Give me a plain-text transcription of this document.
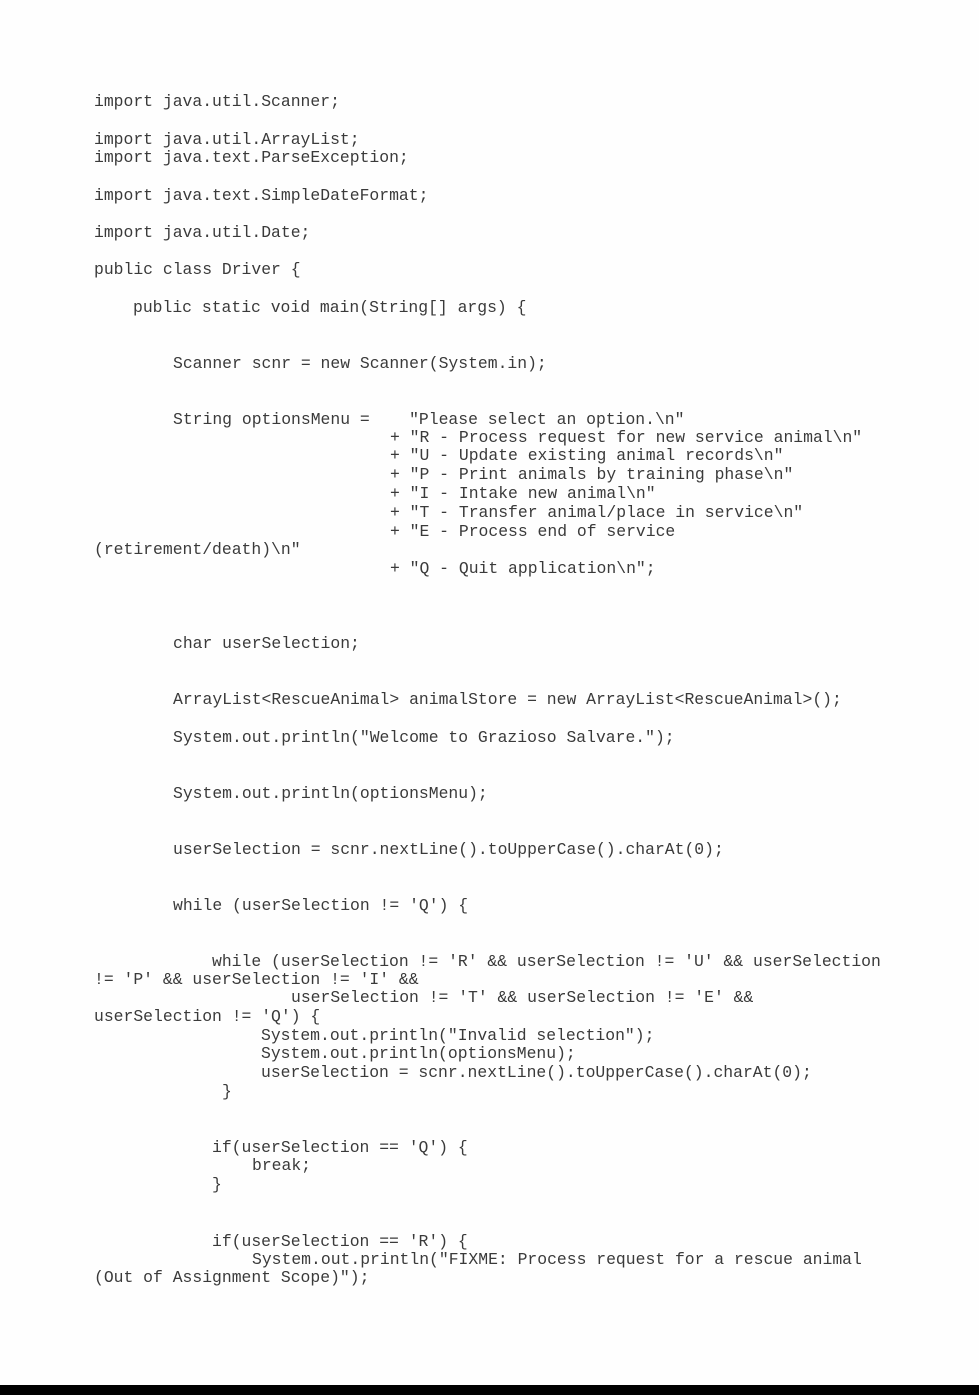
import java.util.Scanner;
import java.util.ArrayList;
import java.text.ParseException;
import java.text.SimpleDateFormat;
import java.util.Date;
public class Driver {
public static void main(String[] args) {
Scanner scnr = new Scanner(System.in);
String optionsMenu =    "Please select an option.\n"
+ "R - Process request for new service animal\n"
+ "U - Update existing animal records\n"
+ "P - Print animals by training phase\n"
+ "I - Intake new animal\n"
+ "T - Transfer animal/place in service\n"
+ "E - Process end of service
(retirement/death)\n"
+ "Q - Quit application\n";
char userSelection;
ArrayList<RescueAnimal> animalStore = new ArrayList<RescueAnimal>();
System.out.println("Welcome to Grazioso Salvare.");
System.out.println(optionsMenu);
userSelection = scnr.nextLine().toUpperCase().charAt(0);
while (userSelection != 'Q') {
while (userSelection != 'R' && userSelection != 'U' && userSelection
!= 'P' && userSelection != 'I' &&
userSelection != 'T' && userSelection != 'E' &&
userSelection != 'Q') {
System.out.println("Invalid selection");
System.out.println(optionsMenu);
userSelection = scnr.nextLine().toUpperCase().charAt(0);
}
if(userSelection == 'Q') {
break;
}
if(userSelection == 'R') {
System.out.println("FIXME: Process request for a rescue animal
(Out of Assignment Scope)");
